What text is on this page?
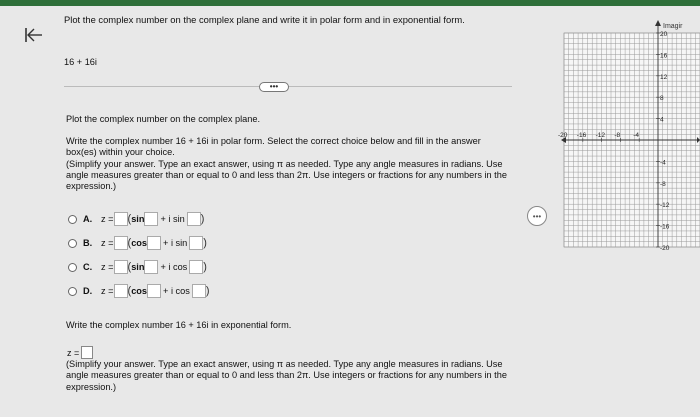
Plot the complex number on the complex plane and write it in polar form and in exponential form.
16 + 16i
•••
Plot the complex number on the complex plane.
Write the complex number 16 + 16i in polar form. Select the correct choice below and fill in the answer box(es) within your choice.
(Simplify your answer. Type an exact answer, using π as needed. Type any angle measures in radians. Use angle measures greater than or equal to 0 and less than 2π. Use integers or fractions for any numbers in the expression.)
A. z = ( sin + i sin )
B. z = ( cos + i sin )
C. z = ( sin + i cos )
D. z = ( cos + i cos )
Write the complex number 16 + 16i in exponential form.
z =
(Simplify your answer. Type an exact answer, using π as needed. Type any angle measures in radians. Use angle measures greater than or equal to 0 and less than 2π. Use integers or fractions for any numbers in the expression.)
•••
Imagir
20
16
12
8
4
-4
-8
-12
-16
-20
-20 -16 -12 -8 -4
